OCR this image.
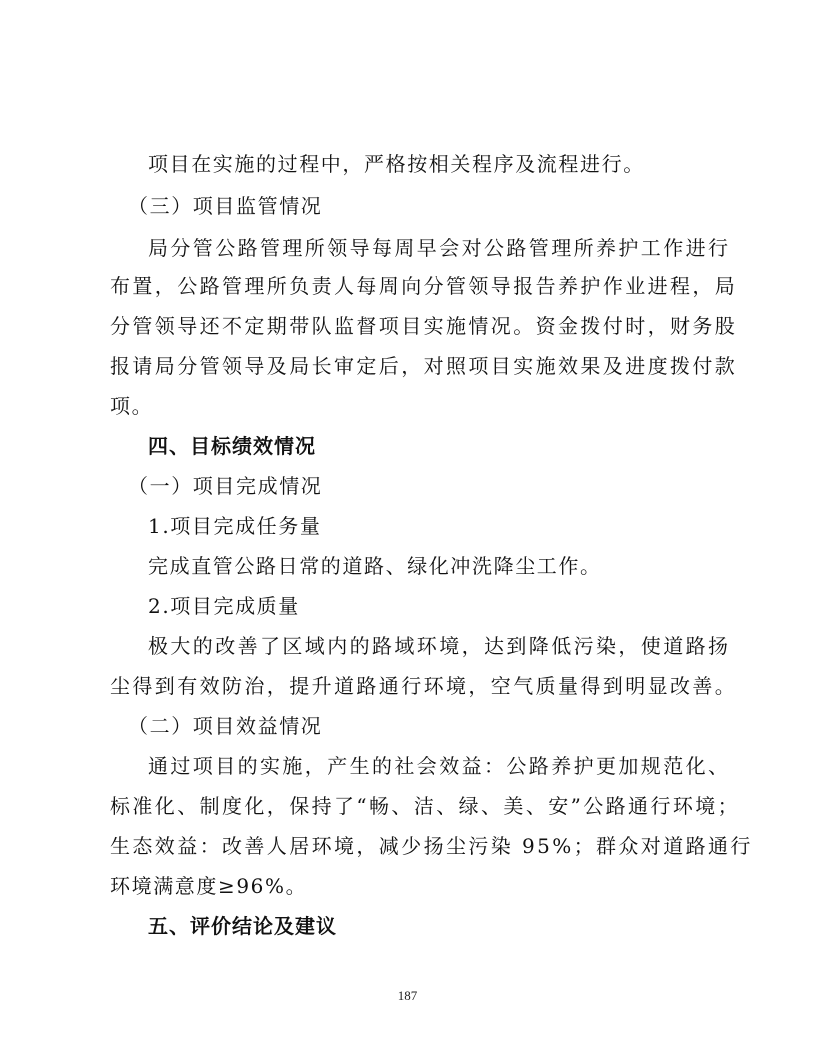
项目在实施的过程中，严格按相关程序及流程进行。
（三）项目监管情况
局分管公路管理所领导每周早会对公路管理所养护工作进行
布置，公路管理所负责人每周向分管领导报告养护作业进程，局
分管领导还不定期带队监督项目实施情况。资金拨付时，财务股
报请局分管领导及局长审定后，对照项目实施效果及进度拨付款
项。
四、目标绩效情况
（一）项目完成情况
1.项目完成任务量
完成直管公路日常的道路、绿化冲洗降尘工作。
2.项目完成质量
极大的改善了区域内的路域环境，达到降低污染，使道路扬
尘得到有效防治，提升道路通行环境，空气质量得到明显改善。
（二）项目效益情况
通过项目的实施，产生的社会效益：公路养护更加规范化、
标准化、制度化，保持了“畅、洁、绿、美、安”公路通行环境；
生态效益：改善人居环境，减少扬尘污染 95%；群众对道路通行
环境满意度≥96%。
五、评价结论及建议
187
